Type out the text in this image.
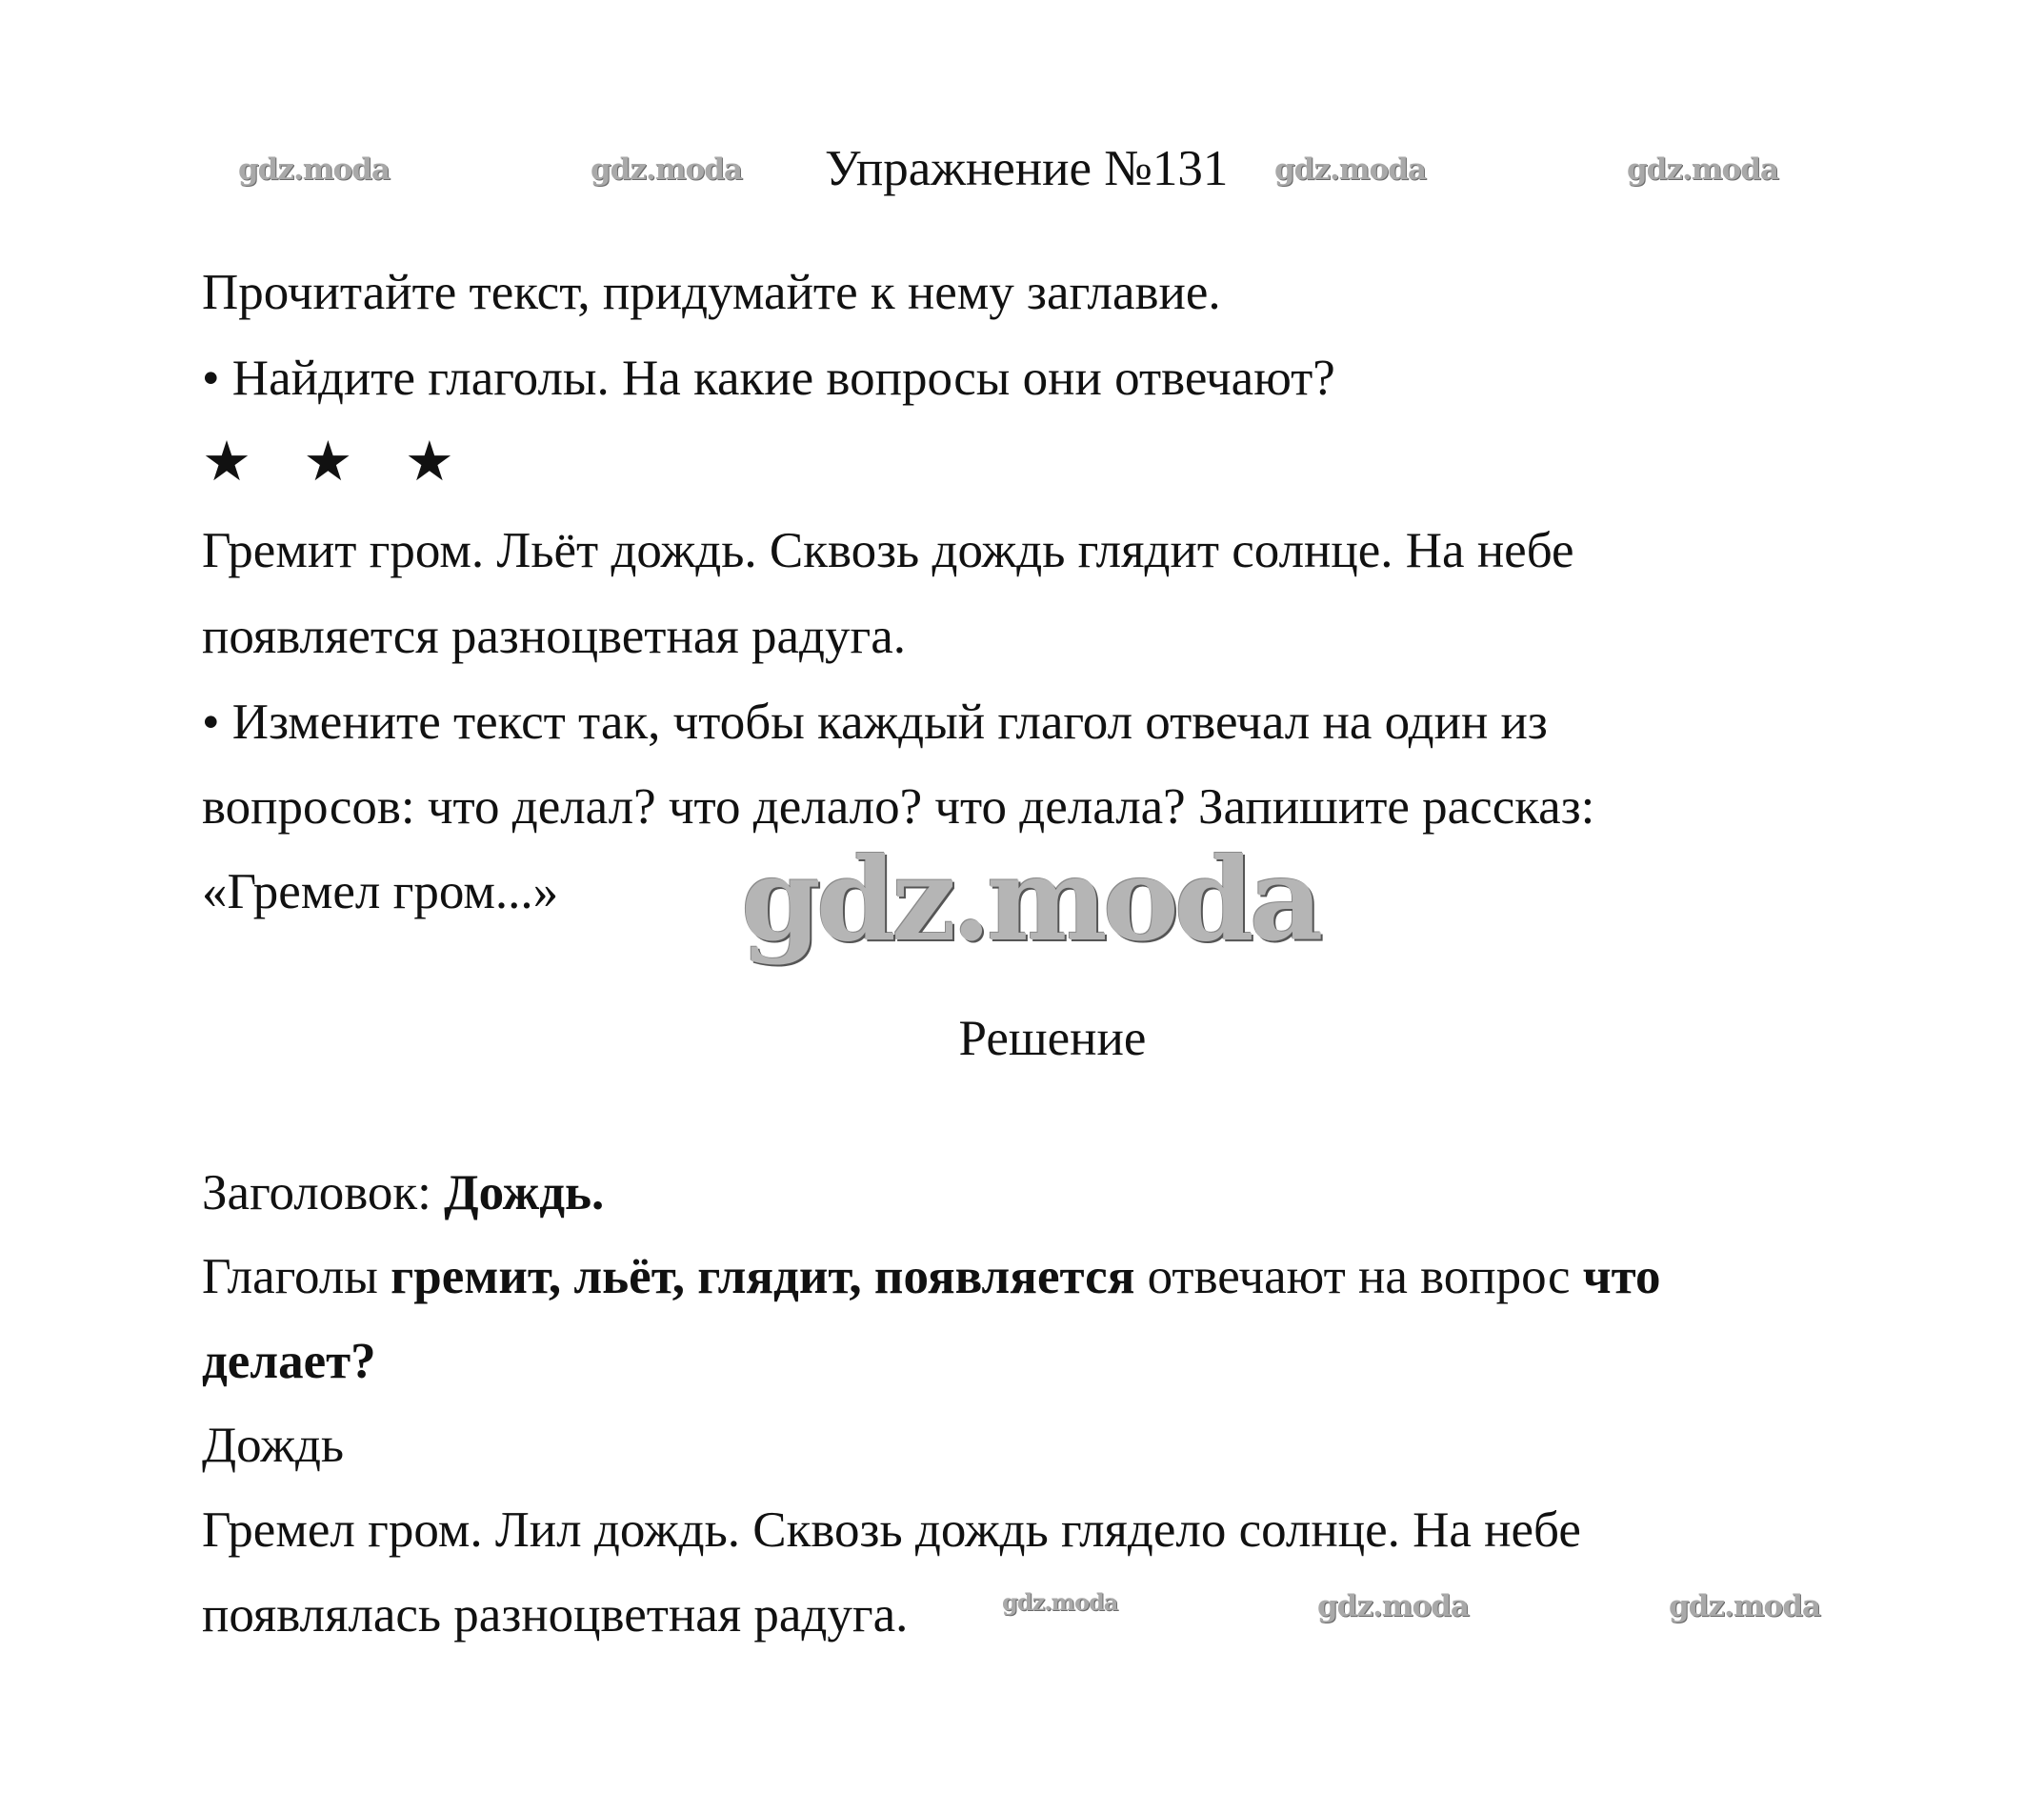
gdz.moda	gdz.moda	gdz.moda	gdz.moda
gdz.moda
gdz.moda	gdz.moda	gdz.moda
Упражнение №131

Прочитайте текст, придумайте к нему заглавие.

• Найдите глаголы. На какие вопросы они отвечают?

★ ★ ★

Гремит гром. Льёт дождь. Сквозь дождь глядит солнце. На небе

появляется разноцветная радуга.

• Измените текст так, чтобы каждый глагол отвечал на один из

вопросов: что делал? что делало? что делала? Запишите рассказ:

«Гремел гром...»

Решение

Заголовок: Дождь.

Глаголы гремит, льёт, глядит, появляется отвечают на вопрос что

делает?

Дождь

Гремел гром. Лил дождь. Сквозь дождь глядело солнце. На небе

появлялась разноцветная радуга.
